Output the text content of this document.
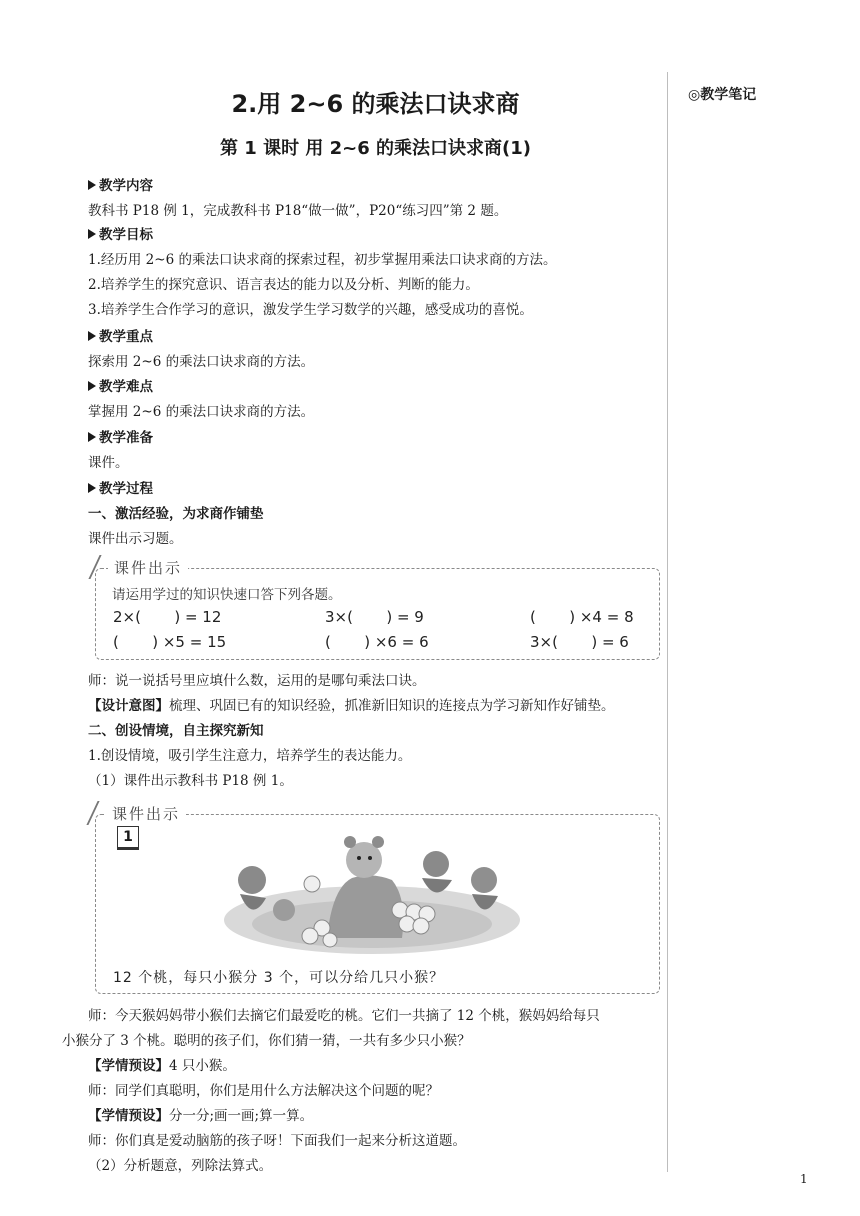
◎教学笔记
2.用 2~6 的乘法口诀求商
第 1 课时 用 2~6 的乘法口诀求商(1)
教学内容
教科书 P18 例 1，完成教科书 P18“做一做”，P20“练习四”第 2 题。
教学目标
1.经历用 2~6 的乘法口诀求商的探索过程，初步掌握用乘法口诀求商的方法。
2.培养学生的探究意识、语言表达的能力以及分析、判断的能力。
3.培养学生合作学习的意识，激发学生学习数学的兴趣，感受成功的喜悦。
教学重点
探索用 2~6 的乘法口诀求商的方法。
教学难点
掌握用 2~6 的乘法口诀求商的方法。
教学准备
课件。
教学过程
一、激活经验，为求商作铺垫
课件出示习题。
课件出示
请运用学过的知识快速口答下列各题。
2×(       ) = 12	3×(       ) = 9	(       ) ×4 = 8
(       ) ×5 = 15	(       ) ×6 = 6	3×(       ) = 6
师：说一说括号里应填什么数，运用的是哪句乘法口诀。
【设计意图】梳理、巩固已有的知识经验，抓准新旧知识的连接点为学习新知作好铺垫。
二、创设情境，自主探究新知
1.创设情境，吸引学生注意力，培养学生的表达能力。
（1）课件出示教科书 P18 例 1。
课件出示
1
12 个桃，每只小猴分 3 个，可以分给几只小猴？
师：今天猴妈妈带小猴们去摘它们最爱吃的桃。它们一共摘了 12 个桃，猴妈妈给每只
小猴分了 3 个桃。聪明的孩子们，你们猜一猜，一共有多少只小猴？
【学情预设】4 只小猴。
师：同学们真聪明，你们是用什么方法解决这个问题的呢？
【学情预设】分一分;画一画;算一算。
师：你们真是爱动脑筋的孩子呀！下面我们一起来分析这道题。
（2）分析题意，列除法算式。
1
